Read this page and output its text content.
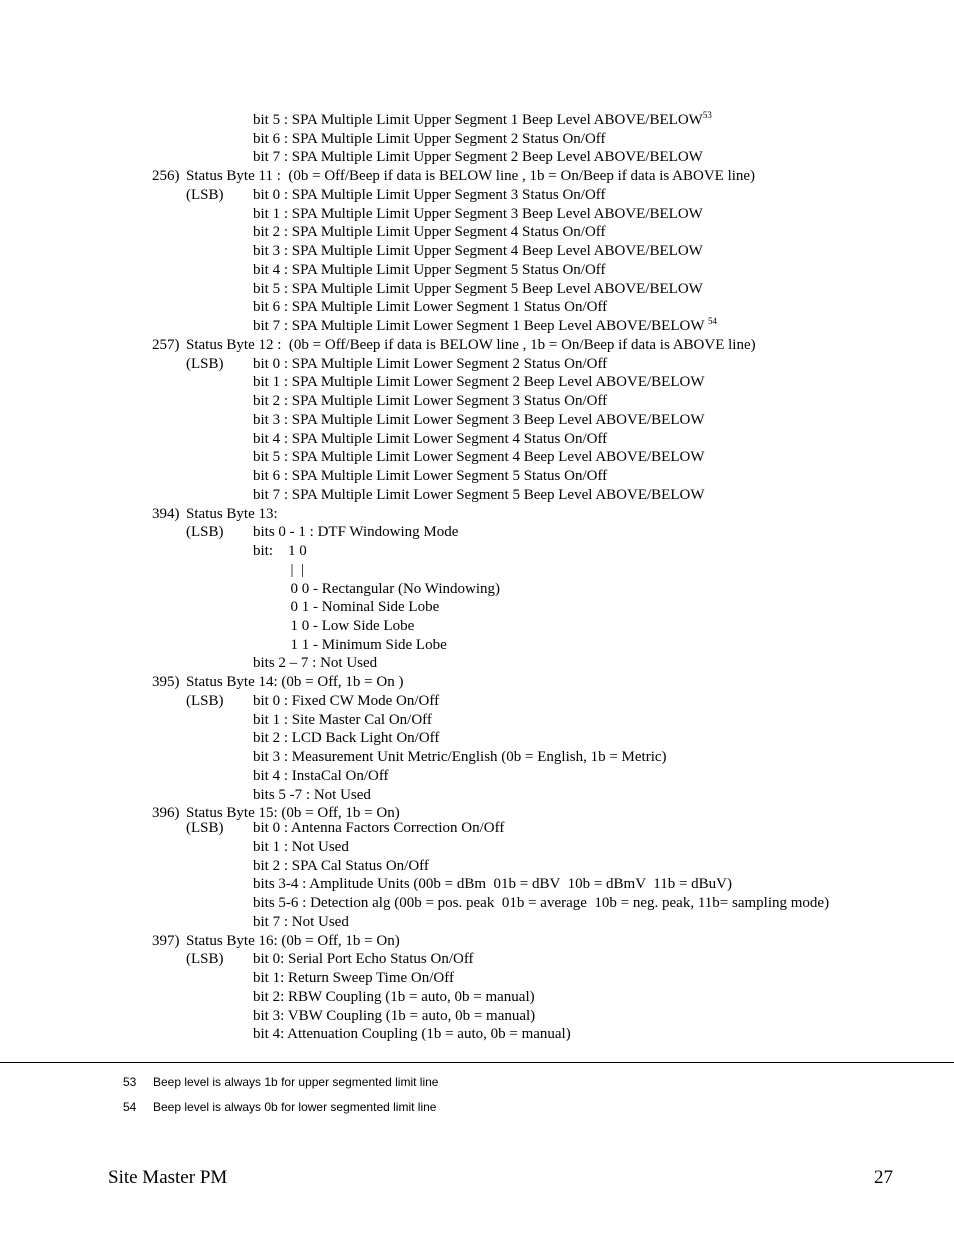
bit 5 : SPA Multiple Limit Upper Segment 1 Beep Level ABOVE/BELOW$^{53}$
bit 6 : SPA Multiple Limit Upper Segment 2 Status On/Off
bit 7 : SPA Multiple Limit Upper Segment 2 Beep Level ABOVE/BELOW
256) Status Byte 11 :  (0b = Off/Beep if data is BELOW line , 1b = On/Beep if data is ABOVE line)
(LSB) bit 0 : SPA Multiple Limit Upper Segment 3 Status On/Off
bit 1 : SPA Multiple Limit Upper Segment 3 Beep Level ABOVE/BELOW
bit 2 : SPA Multiple Limit Upper Segment 4 Status On/Off
bit 3 : SPA Multiple Limit Upper Segment 4 Beep Level ABOVE/BELOW
bit 4 : SPA Multiple Limit Upper Segment 5 Status On/Off
bit 5 : SPA Multiple Limit Upper Segment 5 Beep Level ABOVE/BELOW
bit 6 : SPA Multiple Limit Lower Segment 1 Status On/Off
bit 7 : SPA Multiple Limit Lower Segment 1 Beep Level ABOVE/BELOW $^{54}$
257) Status Byte 12 :  (0b = Off/Beep if data is BELOW line , 1b = On/Beep if data is ABOVE line)
(LSB) bit 0 : SPA Multiple Limit Lower Segment 2 Status On/Off
bit 1 : SPA Multiple Limit Lower Segment 2 Beep Level ABOVE/BELOW
bit 2 : SPA Multiple Limit Lower Segment 3 Status On/Off
bit 3 : SPA Multiple Limit Lower Segment 3 Beep Level ABOVE/BELOW
bit 4 : SPA Multiple Limit Lower Segment 4 Status On/Off
bit 5 : SPA Multiple Limit Lower Segment 4 Beep Level ABOVE/BELOW
bit 6 : SPA Multiple Limit Lower Segment 5 Status On/Off
bit 7 : SPA Multiple Limit Lower Segment 5 Beep Level ABOVE/BELOW
394) Status Byte 13:
(LSB) bits 0 - 1 : DTF Windowing Mode
bit:    1 0
|  |
0 0 - Rectangular (No Windowing)
0 1 - Nominal Side Lobe
1 0 - Low Side Lobe
1 1 - Minimum Side Lobe
bits 2 – 7 : Not Used
395) Status Byte 14: (0b = Off, 1b = On )
(LSB) bit 0 : Fixed CW Mode On/Off
bit 1 : Site Master Cal On/Off
bit 2 : LCD Back Light On/Off
bit 3 : Measurement Unit Metric/English (0b = English, 1b = Metric)
bit 4 : InstaCal On/Off
bits 5 -7 : Not Used
396) Status Byte 15: (0b = Off, 1b = On)
(LSB) bit 0 : Antenna Factors Correction On/Off
bit 1 : Not Used
bit 2 : SPA Cal Status On/Off
bits 3-4 : Amplitude Units (00b = dBm  01b = dBV  10b = dBmV  11b = dBuV)
bits 5-6 : Detection alg (00b = pos. peak  01b = average  10b = neg. peak, 11b= sampling mode)
bit 7 : Not Used
397) Status Byte 16: (0b = Off, 1b = On)
(LSB) bit 0: Serial Port Echo Status On/Off
bit 1: Return Sweep Time On/Off
bit 2: RBW Coupling (1b = auto, 0b = manual)
bit 3: VBW Coupling (1b = auto, 0b = manual)
bit 4: Attenuation Coupling (1b = auto, 0b = manual)
53 Beep level is always 1b for upper segmented limit line
54 Beep level is always 0b for lower segmented limit line
Site Master PM	27
